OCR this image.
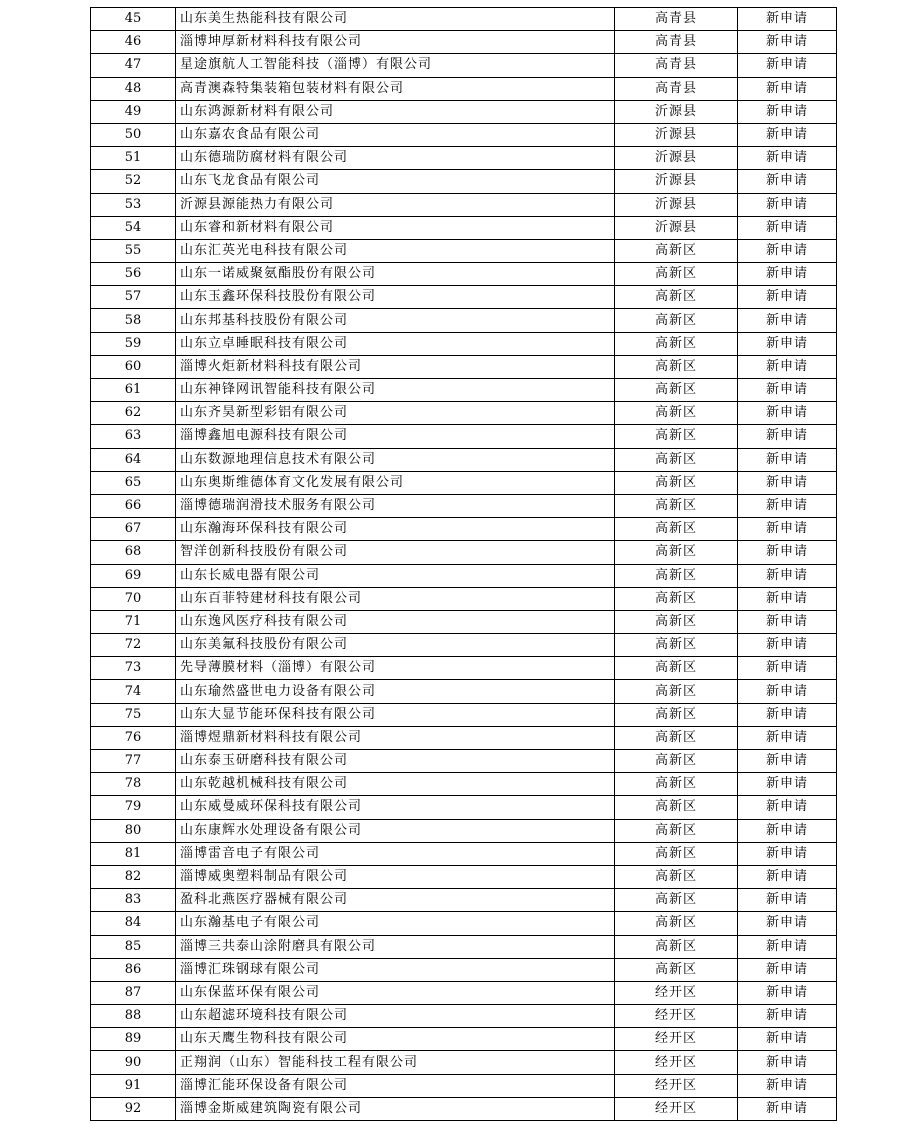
45	山东美生热能科技有限公司	高青县	新申请
46	淄博坤厚新材料科技有限公司	高青县	新申请
47	星途旗航人工智能科技（淄博）有限公司	高青县	新申请
48	高青澳森特集装箱包装材料有限公司	高青县	新申请
49	山东鸿源新材料有限公司	沂源县	新申请
50	山东嘉农食品有限公司	沂源县	新申请
51	山东德瑞防腐材料有限公司	沂源县	新申请
52	山东飞龙食品有限公司	沂源县	新申请
53	沂源县源能热力有限公司	沂源县	新申请
54	山东睿和新材料有限公司	沂源县	新申请
55	山东汇英光电科技有限公司	高新区	新申请
56	山东一诺威聚氨酯股份有限公司	高新区	新申请
57	山东玉鑫环保科技股份有限公司	高新区	新申请
58	山东邦基科技股份有限公司	高新区	新申请
59	山东立卓睡眠科技有限公司	高新区	新申请
60	淄博火炬新材料科技有限公司	高新区	新申请
61	山东神锋网讯智能科技有限公司	高新区	新申请
62	山东齐昊新型彩铝有限公司	高新区	新申请
63	淄博鑫旭电源科技有限公司	高新区	新申请
64	山东数源地理信息技术有限公司	高新区	新申请
65	山东奥斯维德体育文化发展有限公司	高新区	新申请
66	淄博德瑞润滑技术服务有限公司	高新区	新申请
67	山东瀚海环保科技有限公司	高新区	新申请
68	智洋创新科技股份有限公司	高新区	新申请
69	山东长威电器有限公司	高新区	新申请
70	山东百菲特建材科技有限公司	高新区	新申请
71	山东逸风医疗科技有限公司	高新区	新申请
72	山东美氟科技股份有限公司	高新区	新申请
73	先导薄膜材料（淄博）有限公司	高新区	新申请
74	山东瑜然盛世电力设备有限公司	高新区	新申请
75	山东大显节能环保科技有限公司	高新区	新申请
76	淄博煜鼎新材料科技有限公司	高新区	新申请
77	山东泰玉研磨科技有限公司	高新区	新申请
78	山东乾越机械科技有限公司	高新区	新申请
79	山东威曼威环保科技有限公司	高新区	新申请
80	山东康辉水处理设备有限公司	高新区	新申请
81	淄博雷音电子有限公司	高新区	新申请
82	淄博威奥塑料制品有限公司	高新区	新申请
83	盈科北燕医疗器械有限公司	高新区	新申请
84	山东瀚基电子有限公司	高新区	新申请
85	淄博三共泰山涂附磨具有限公司	高新区	新申请
86	淄博汇珠钢球有限公司	高新区	新申请
87	山东保蓝环保有限公司	经开区	新申请
88	山东超滤环境科技有限公司	经开区	新申请
89	山东天鹰生物科技有限公司	经开区	新申请
90	正翔润（山东）智能科技工程有限公司	经开区	新申请
91	淄博汇能环保设备有限公司	经开区	新申请
92	淄博金斯威建筑陶瓷有限公司	经开区	新申请
